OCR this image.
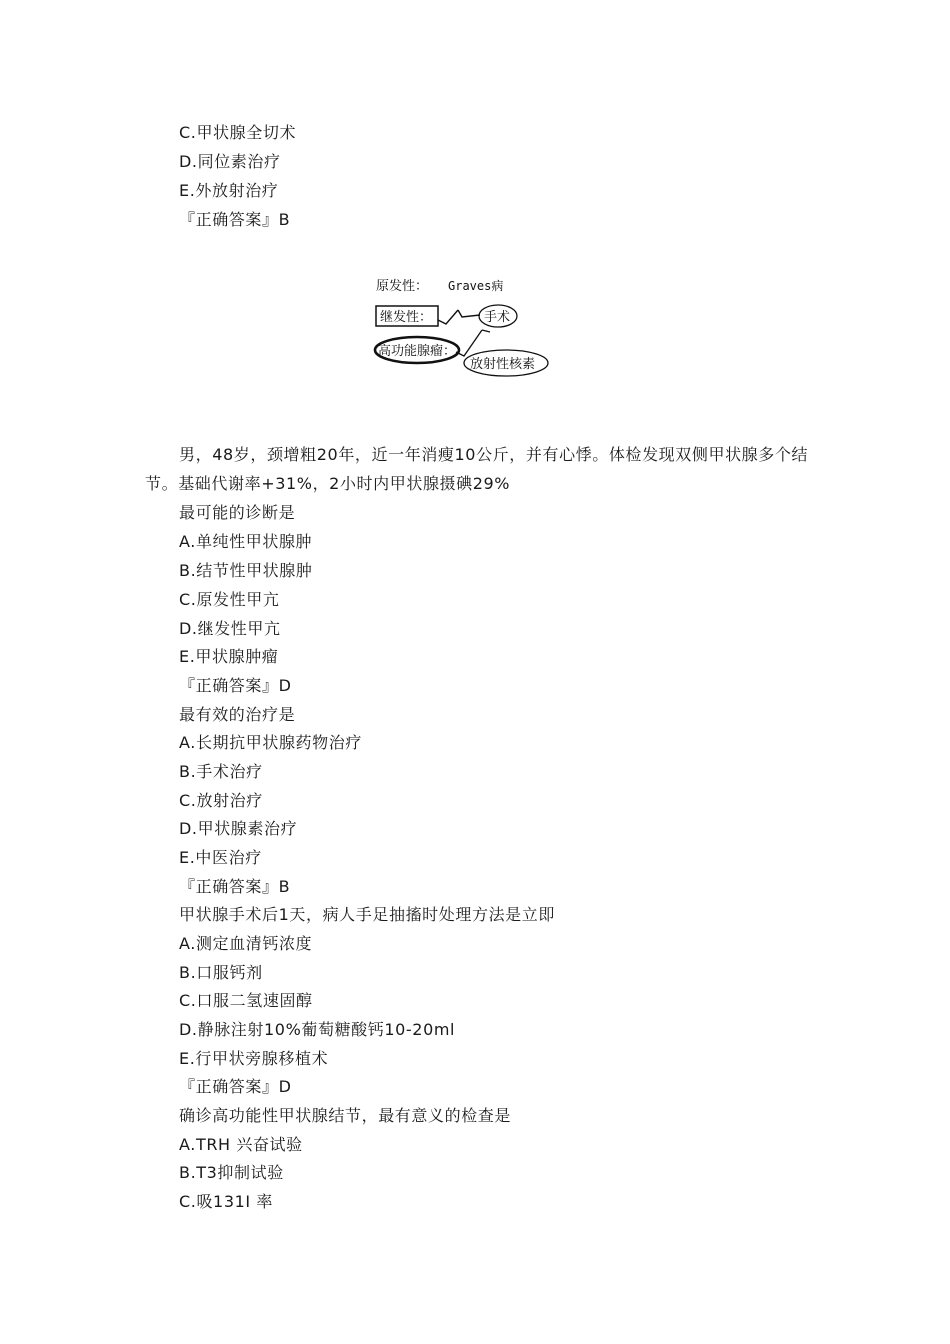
C.甲状腺全切术
D.同位素治疗
E.外放射治疗
『正确答案』B
原发性： Graves病
继发性：	手术
高功能腺瘤：
放射性核素
男，48岁，颈增粗20年，近一年消瘦10公斤，并有心悸。体检发现双侧甲状腺多个结节。基础代谢率+31%，2小时内甲状腺摄碘29%
最可能的诊断是
A.单纯性甲状腺肿
B.结节性甲状腺肿
C.原发性甲亢
D.继发性甲亢
E.甲状腺肿瘤
『正确答案』D
最有效的治疗是
A.长期抗甲状腺药物治疗
B.手术治疗
C.放射治疗
D.甲状腺素治疗
E.中医治疗
『正确答案』B
甲状腺手术后1天，病人手足抽搐时处理方法是立即
A.测定血清钙浓度
B.口服钙剂
C.口服二氢速固醇
D.静脉注射10%葡萄糖酸钙10-20ml
E.行甲状旁腺移植术
『正确答案』D
确诊高功能性甲状腺结节，最有意义的检查是
A.TRH 兴奋试验
B.T3抑制试验
C.吸131I 率
